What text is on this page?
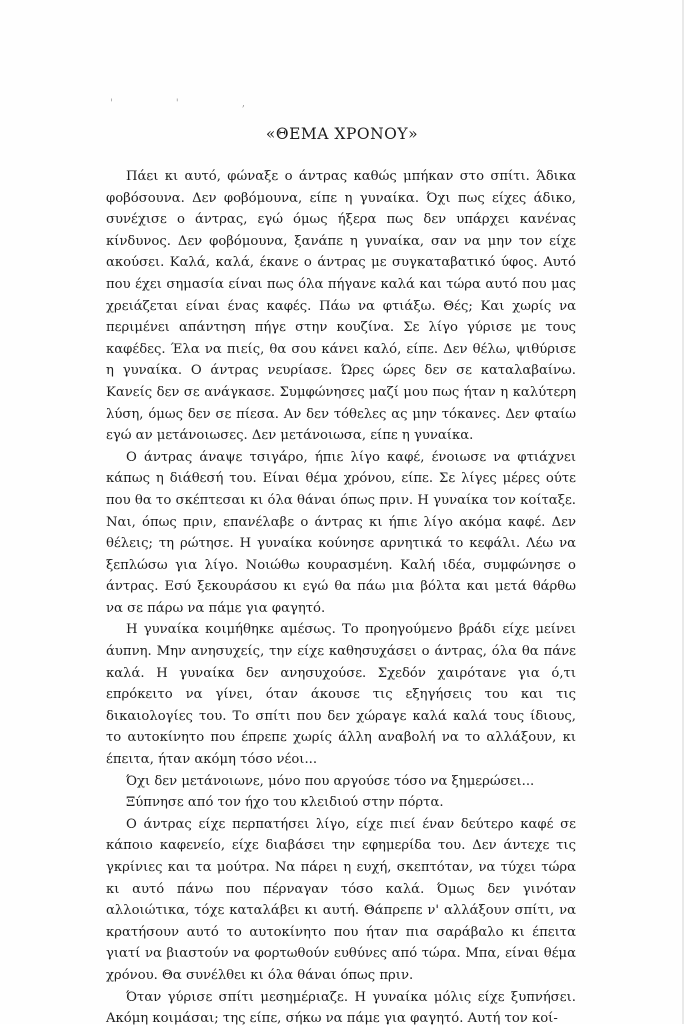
' ' ,
«ΘΕΜΑ ΧΡΟΝΟΥ»

Πάει κι αυτό, φώναξε ο άντρας καθώς μπήκαν στο σπίτι. Άδικα φοβόσουνα. Δεν φοβόμουνα, είπε η γυναίκα. Όχι πως είχες άδικο, συνέχισε ο άντρας, εγώ όμως ήξερα πως δεν υπάρχει κανένας κίνδυνος. Δεν φοβόμουνα, ξανάπε η γυναίκα, σαν να μην τον είχε ακούσει. Καλά, καλά, έκανε ο άντρας με συγκαταβατικό ύφος. Αυτό που έχει σημασία είναι πως όλα πήγανε καλά και τώρα αυτό που μας χρειάζεται είναι ένας καφές. Πάω να φτιάξω. Θές; Και χωρίς να περιμένει απάντηση πήγε στην κουζίνα. Σε λίγο γύρισε με τους καφέδες. Έλα να πιείς, θα σου κάνει καλό, είπε. Δεν θέλω, ψιθύρισε η γυναίκα. Ο άντρας νευρίασε. Ώρες ώρες δεν σε καταλαβαίνω. Κανείς δεν σε ανάγκασε. Συμφώνησες μαζί μου πως ήταν η καλύτερη λύση, όμως δεν σε πίεσα. Αν δεν τόθελες ας μην τόκανες. Δεν φταίω εγώ αν μετάνοιωσες. Δεν μετάνοιωσα, είπε η γυναίκα.

Ο άντρας άναψε τσιγάρο, ήπιε λίγο καφέ, ένοιωσε να φτιάχνει κάπως η διάθεσή του. Είναι θέμα χρόνου, είπε. Σε λίγες μέρες ούτε που θα το σκέπτεσαι κι όλα θάναι όπως πριν. Η γυναίκα τον κοίταξε. Ναι, όπως πριν, επανέλαβε ο άντρας κι ήπιε λίγο ακόμα καφέ. Δεν θέλεις; τη ρώτησε. Η γυναίκα κούνησε αρνητικά το κεφάλι. Λέω να ξεπλώσω για λίγο. Νοιώθω κουρασμένη. Καλή ιδέα, συμφώνησε ο άντρας. Εσύ ξεκουράσου κι εγώ θα πάω μια βόλτα και μετά θάρθω να σε πάρω να πάμε για φαγητό.

Η γυναίκα κοιμήθηκε αμέσως. Το προηγούμενο βράδι είχε μείνει άυπνη. Μην ανησυχείς, την είχε καθησυχάσει ο άντρας, όλα θα πάνε καλά. Η γυναίκα δεν ανησυχούσε. Σχεδόν χαιρότανε για ό,τι επρόκειτο να γίνει, όταν άκουσε τις εξηγήσεις του και τις δικαιολογίες του. Το σπίτι που δεν χώραγε καλά καλά τους ίδιους, το αυτοκίνητο που έπρεπε χωρίς άλλη αναβολή να το αλλάξουν, κι έπειτα, ήταν ακόμη τόσο νέοι...

Όχι δεν μετάνοιωνε, μόνο που αργούσε τόσο να ξημερώσει...

Ξύπνησε από τον ήχο του κλειδιού στην πόρτα.

Ο άντρας είχε περπατήσει λίγο, είχε πιεί έναν δεύτερο καφέ σε κάποιο καφενείο, είχε διαβάσει την εφημερίδα του. Δεν άντεχε τις γκρίνιες και τα μούτρα. Να πάρει η ευχή, σκεπτόταν, να τύχει τώρα κι αυτό πάνω που πέρναγαν τόσο καλά. Όμως δεν γινόταν αλλοιώτικα, τόχε καταλάβει κι αυτή. Θάπρεπε ν' αλλάξουν σπίτι, να κρατήσουν αυτό το αυτοκίνητο που ήταν πια σαράβαλο κι έπειτα γιατί να βιαστούν να φορτωθούν ευθύνες από τώρα. Μπα, είναι θέμα χρόνου. Θα συνέλθει κι όλα θάναι όπως πριν.

Όταν γύρισε σπίτι μεσημέριαζε. Η γυναίκα μόλις είχε ξυπνήσει. Ακόμη κοιμάσαι; της είπε, σήκω να πάμε για φαγητό. Αυτή τον κοί-
